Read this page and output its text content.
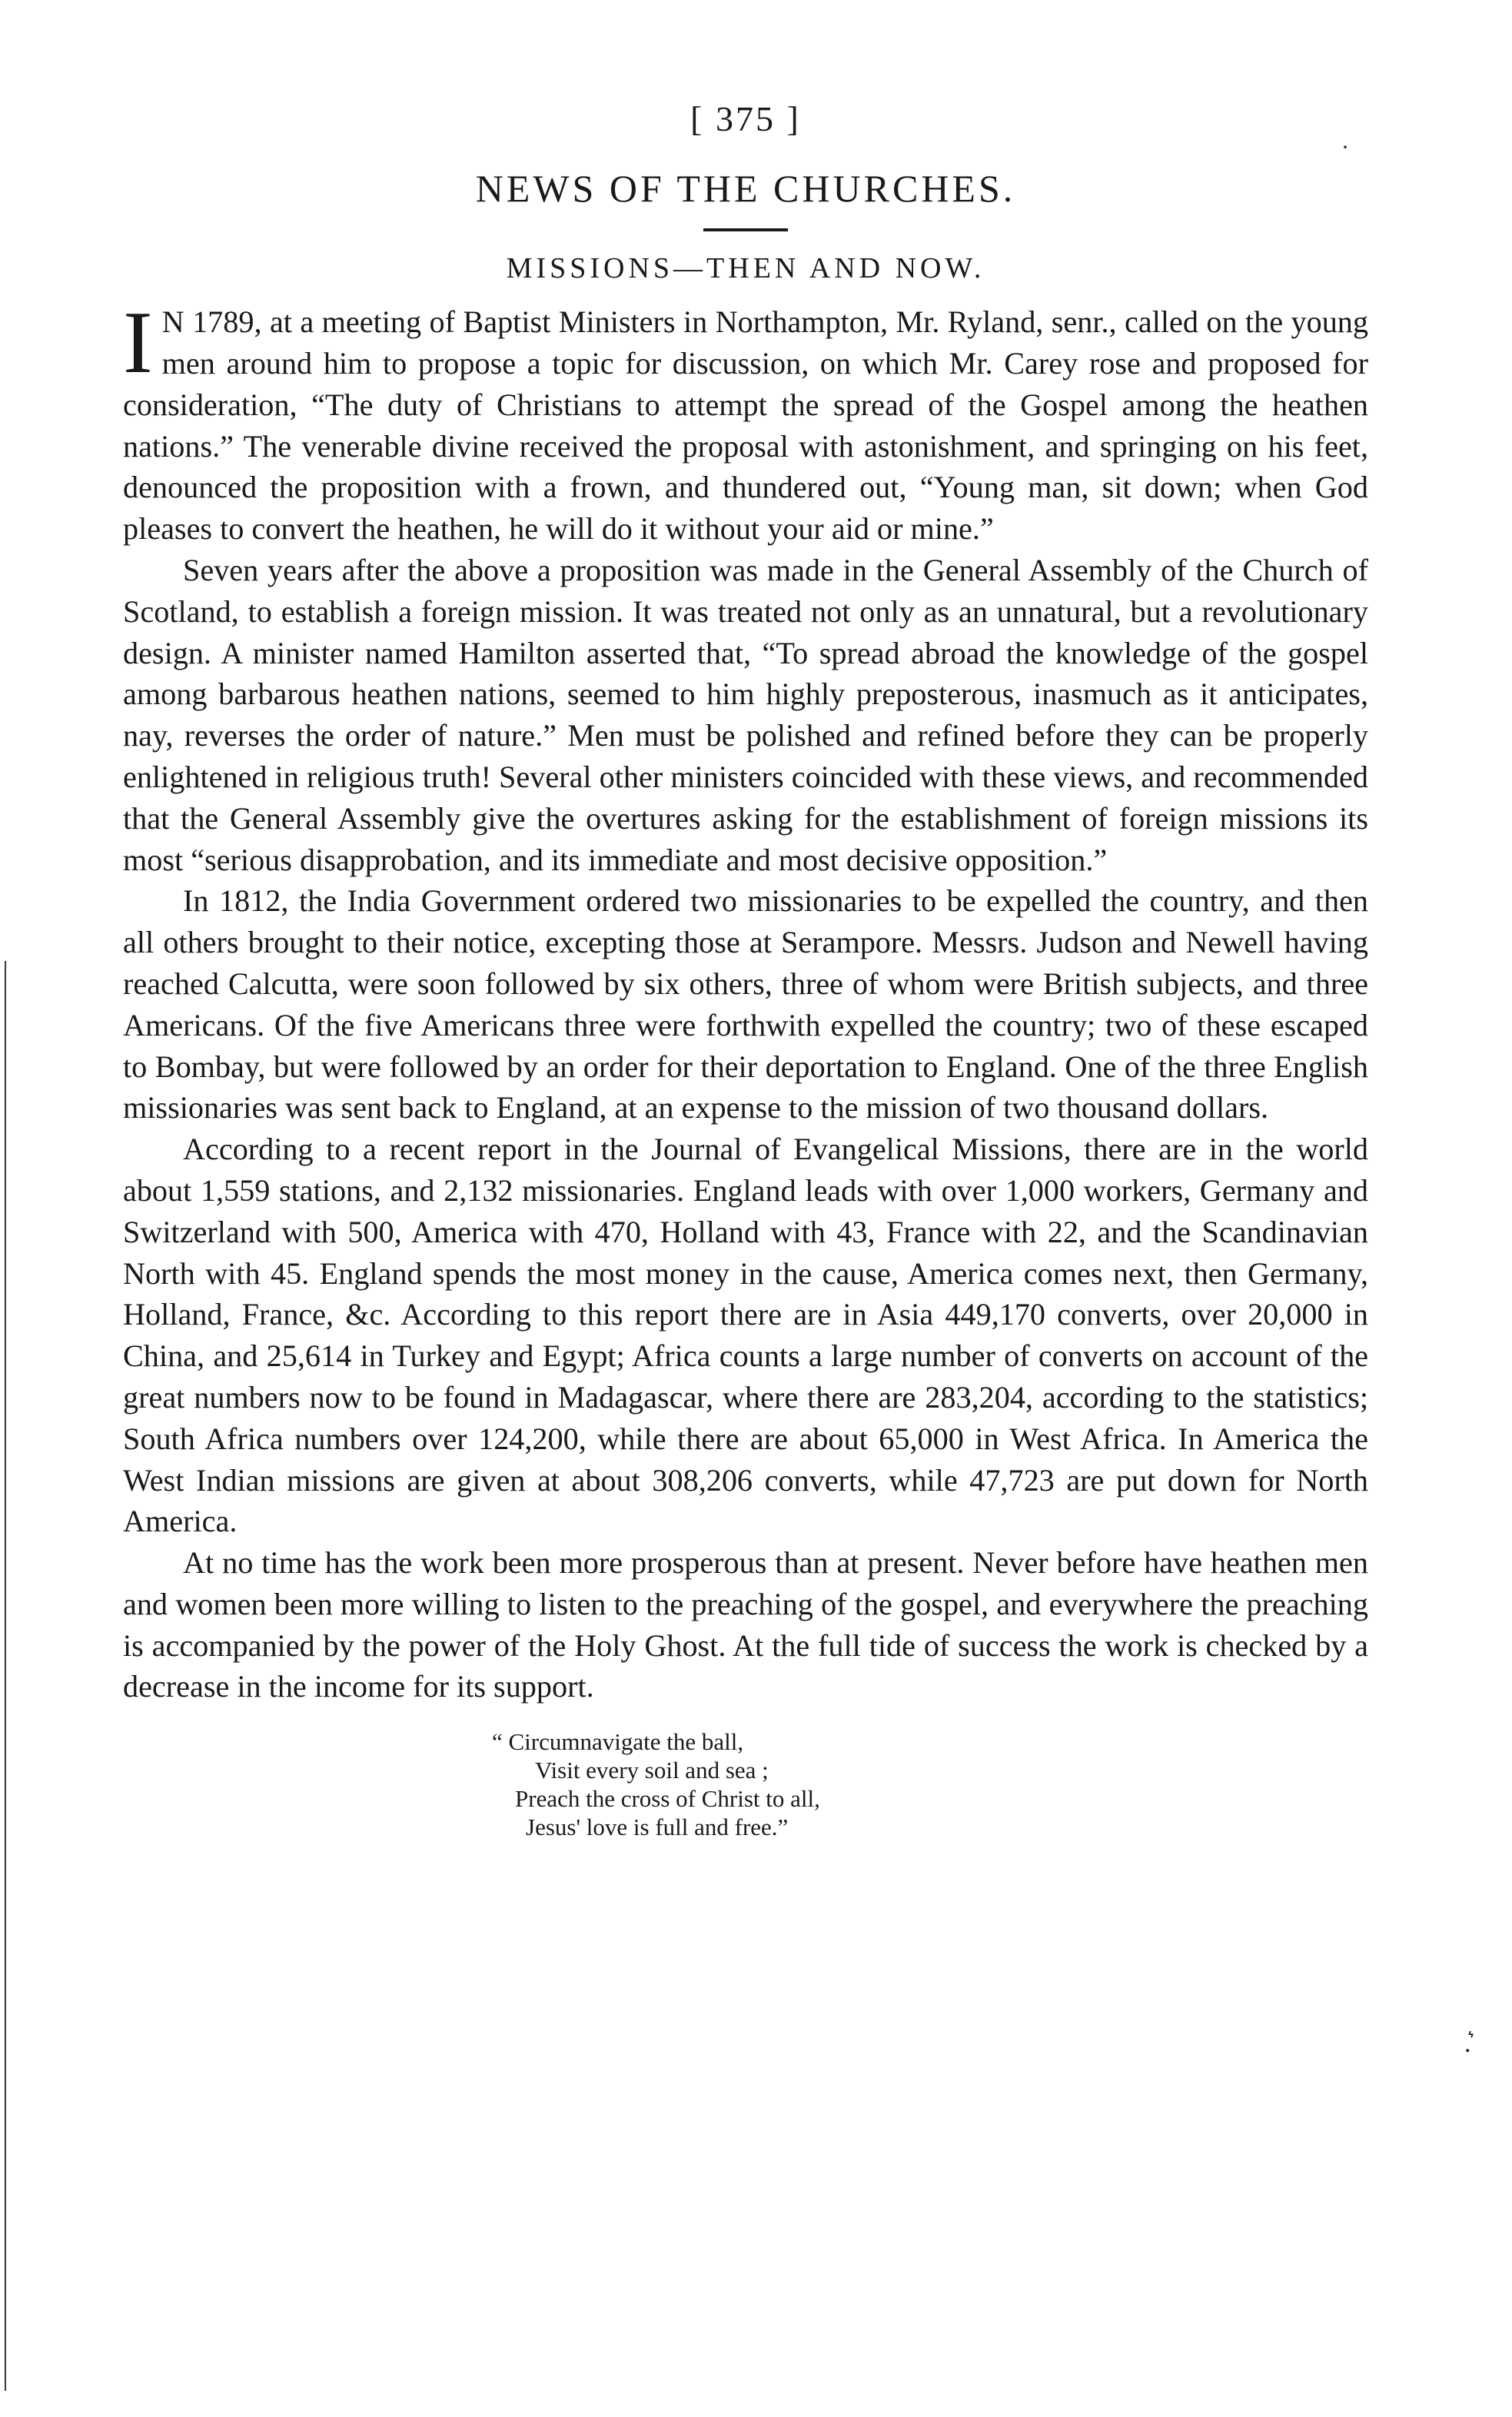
[ 375 ]
·
NEWS OF THE CHURCHES.
MISSIONS—THEN AND NOW.

I N 1789, at a meeting of Baptist Ministers in Northampton, Mr. Ryland, senr., called on the young men around him to propose a topic for discussion, on which Mr. Carey rose and proposed for consideration, “The duty of Christians to attempt the spread of the Gospel among the heathen nations.” The venerable divine received the proposal with astonishment, and springing on his feet, denounced the proposition with a frown, and thundered out, “Young man, sit down; when God pleases to convert the heathen, he will do it without your aid or mine.”

Seven years after the above a proposition was made in the General Assembly of the Church of Scotland, to establish a foreign mission. It was treated not only as an unnatural, but a revolutionary design. A minister named Hamilton asserted that, “To spread abroad the knowledge of the gospel among barbarous heathen nations, seemed to him highly preposterous, inasmuch as it anticipates, nay, reverses the order of nature.” Men must be polished and refined before they can be properly enlightened in religious truth! Several other ministers coincided with these views, and recommended that the General Assembly give the overtures asking for the establishment of foreign missions its most “serious disapprobation, and its immediate and most decisive opposition.”

In 1812, the India Government ordered two missionaries to be expelled the country, and then all others brought to their notice, excepting those at Serampore. Messrs. Judson and Newell having reached Calcutta, were soon followed by six others, three of whom were British subjects, and three Americans. Of the five Americans three were forthwith expelled the country; two of these escaped to Bombay, but were followed by an order for their deportation to England. One of the three English missionaries was sent back to England, at an expense to the mission of two thousand dollars.

According to a recent report in the Journal of Evangelical Missions, there are in the world about 1,559 stations, and 2,132 missionaries. England leads with over 1,000 workers, Germany and Switzerland with 500, America with 470, Holland with 43, France with 22, and the Scandinavian North with 45. England spends the most money in the cause, America comes next, then Germany, Holland, France, &c. According to this report there are in Asia 449,170 converts, over 20,000 in China, and 25,614 in Turkey and Egypt; Africa counts a large number of converts on account of the great numbers now to be found in Madagascar, where there are 283,204, according to the statistics; South Africa numbers over 124,200, while there are about 65,000 in West Africa. In America the West Indian missions are given at about 308,206 converts, while 47,723 are put down for North America.

At no time has the work been more prosperous than at present. Never before have heathen men and women been more willing to listen to the preaching of the gospel, and everywhere the preaching is accompanied by the power of the Holy Ghost. At the full tide of success the work is checked by a decrease in the income for its support.

“ Circumnavigate the ball,
Visit every soil and sea ;
Preach the cross of Christ to all,
Jesus' love is full and free.”
.͛
